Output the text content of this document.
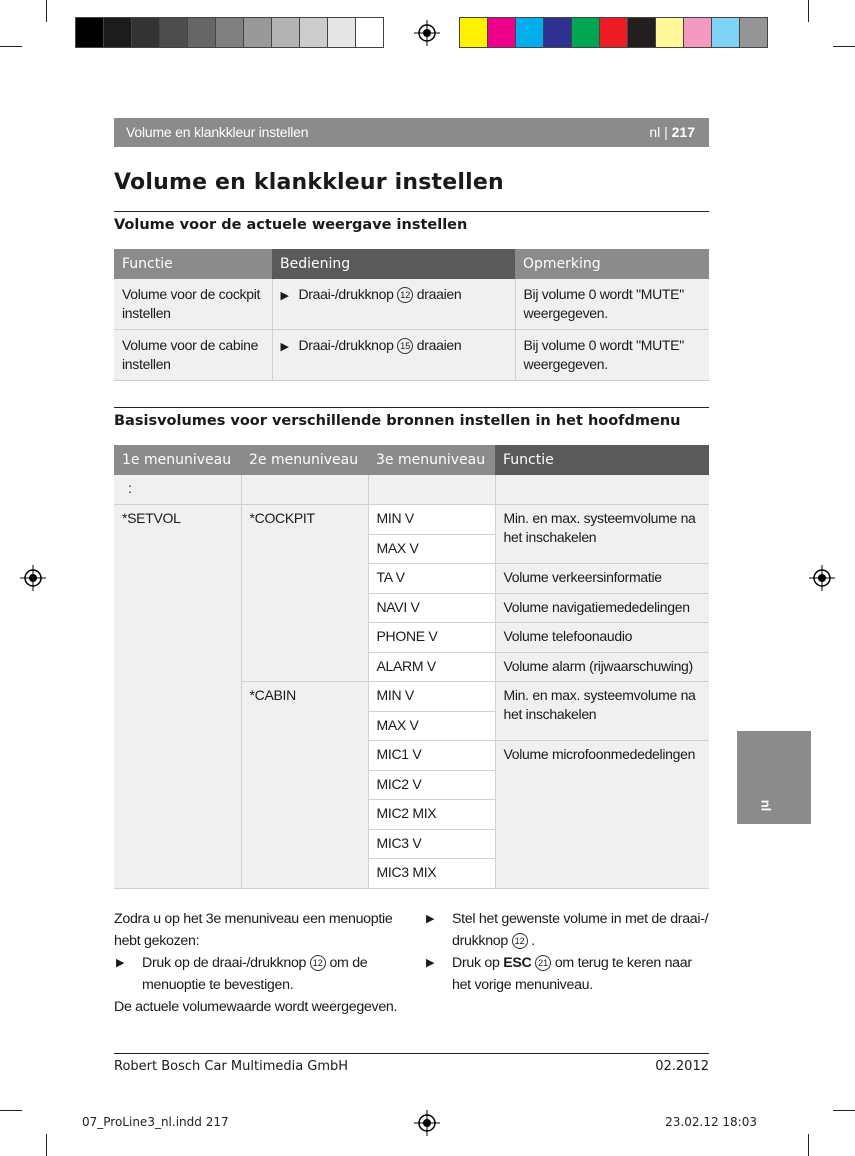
Volume en klankkleur instellen	nl | 217
Volume en klankkleur instellen
Volume voor de actuele weergave instellen
Functie	Bediening	Opmerking
Volume voor de cockpit instellen	▶ Draai-/drukknop 12 draaien	Bij volume 0 wordt "MUTE" weergegeven.
Volume voor de cabine instellen	▶ Draai-/drukknop 15 draaien	Bij volume 0 wordt "MUTE" weergegeven.
Basisvolumes voor verschillende bronnen instellen in het hoofdmenu
1e menuniveau	2e menuniveau	3e menuniveau	Functie
:			
*SETVOL	*COCKPIT	MIN V	Min. en max. systeemvolume na het inschakelen
		MAX V	
		TA V	Volume verkeersinformatie
		NAVI V	Volume navigatiemededelingen
		PHONE V	Volume telefoonaudio
		ALARM V	Volume alarm (rijwaarschuwing)
	*CABIN	MIN V	Min. en max. systeemvolume na het inschakelen
		MAX V	
		MIC1 V	Volume microfoonmededelingen
		MIC2 V	
		MIC2 MIX	
		MIC3 V	
		MIC3 MIX	
nl
Zodra u op het 3e menuniveau een menuoptie hebt gekozen:
▶	Druk op de draai-/drukknop 12 om de menuoptie te bevestigen.
De actuele volumewaarde wordt weergegeven.
▶	Stel het gewenste volume in met de draai-/ drukknop 12 .
▶	Druk op ESC 21 om terug te keren naar het vorige menuniveau.
Robert Bosch Car Multimedia GmbH	02.2012
07_ProLine3_nl.indd 217	23.02.12 18:03
